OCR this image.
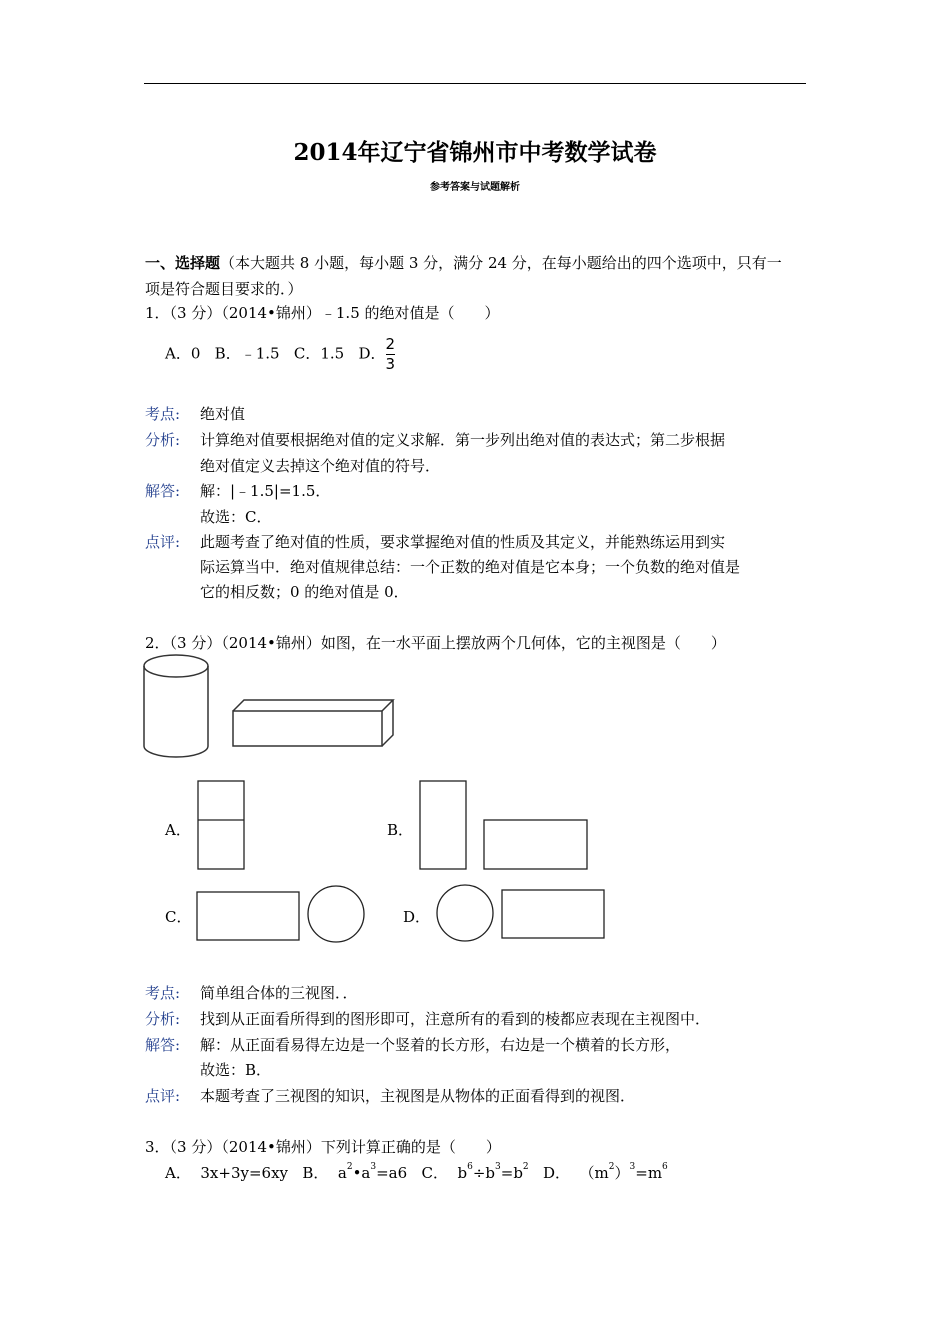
2014年辽宁省锦州市中考数学试卷
参考答案与试题解析
一、选择题（本大题共 8 小题，每小题 3 分，满分 24 分，在每小题给出的四个选项中，只有一
项是符合题目要求的．）
1．（3 分）（2014•锦州）﹣1.5 的绝对值是（　　）
A．0   B．﹣1.5   C．1.5   D． $\frac{2}{3}$
考点: 绝对值
分析: 计算绝对值要根据绝对值的定义求解．第一步列出绝对值的表达式；第二步根据
绝对值定义去掉这个绝对值的符号．
解答: 解：|﹣1.5|=1.5．
故选：C．
点评: 此题考查了绝对值的性质，要求掌握绝对值的性质及其定义，并能熟练运用到实
际运算当中．绝对值规律总结：一个正数的绝对值是它本身；一个负数的绝对值是
它的相反数；0 的绝对值是 0．
2．（3 分）（2014•锦州）如图，在一水平面上摆放两个几何体，它的主视图是（　　）
A．	B．
C．	D．
考点: 简单组合体的三视图．．
分析: 找到从正面看所得到的图形即可，注意所有的看到的棱都应表现在主视图中．
解答: 解：从正面看易得左边是一个竖着的长方形，右边是一个横着的长方形，
故选：B．
点评: 本题考查了三视图的知识，主视图是从物体的正面看得到的视图．
3．（3 分）（2014•锦州）下列计算正确的是（　　）
A．  3x+3y=6xy B．  $a^2•a^3=a6$ C．  $b^6\div b^3=b^2$ D．  $(m^2)^3=m^6$
